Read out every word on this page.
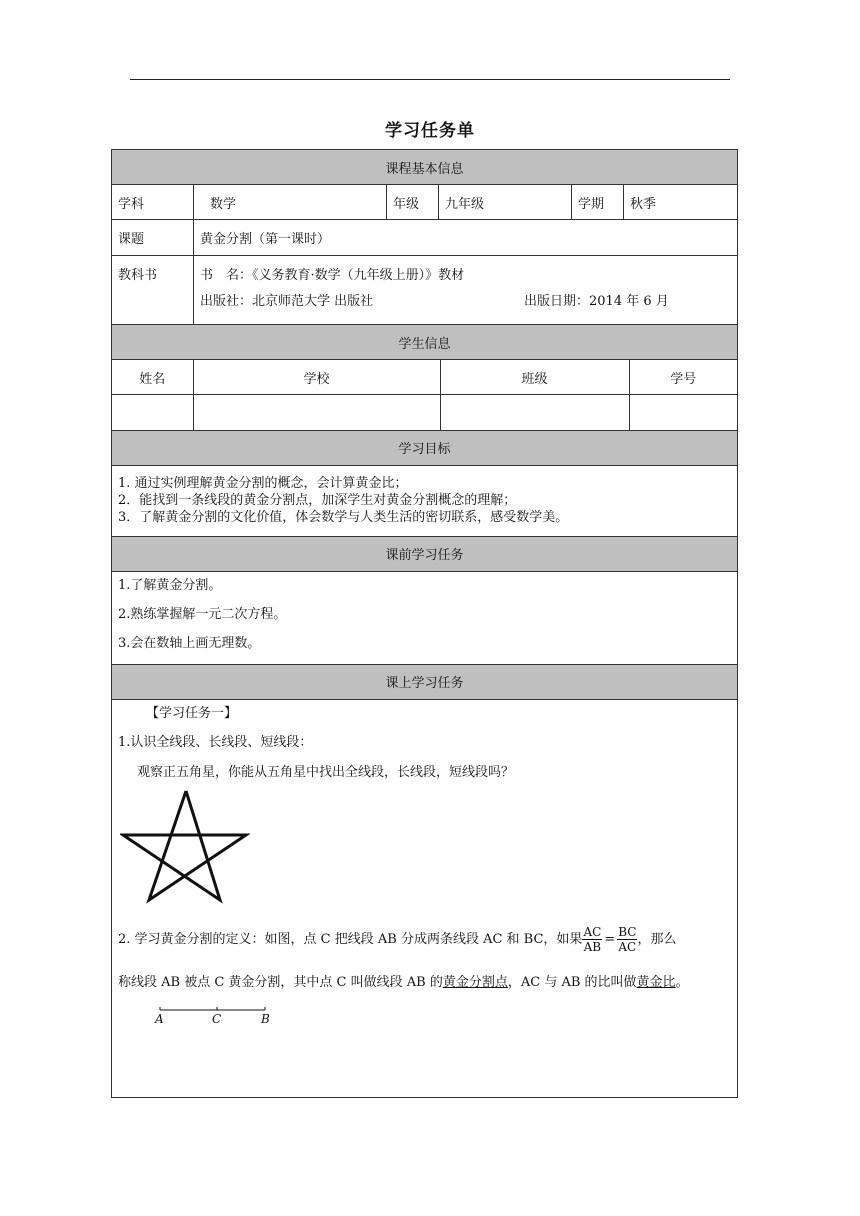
学习任务单
课程基本信息
学科	数学	年级	九年级	学期	秋季
课题	黄金分割（第一课时）
教科书	书　名：《义务教育·数学（九年级上册）》教材
出版社：北京师范大学 出版社	出版日期：2014 年 6 月

学生信息

姓名	学校	班级	学号

学习目标

1. 通过实例理解黄金分割的概念，会计算黄金比；
2．能找到一条线段的黄金分割点，加深学生对黄金分割概念的理解；
3．了解黄金分割的文化价值，体会数学与人类生活的密切联系，感受数学美。

课前学习任务

1.了解黄金分割。
2.熟练掌握解一元二次方程。
3.会在数轴上画无理数。

课上学习任务

【学习任务一】
1.认识全线段、长线段、短线段：
观察正五角星，你能从五角星中找出全线段，长线段，短线段吗？
2. 学习黄金分割的定义：如图，点 C 把线段 AB 分成两条线段 AC 和 BC，如果 $\frac{AC}{AB} = \frac{BC}{AC}$ ，那么
称线段 AB 被点 C 黄金分割，其中点 C 叫做线段 AB 的黄金分割点，AC 与 AB 的比叫做黄金比。
A	C	B
